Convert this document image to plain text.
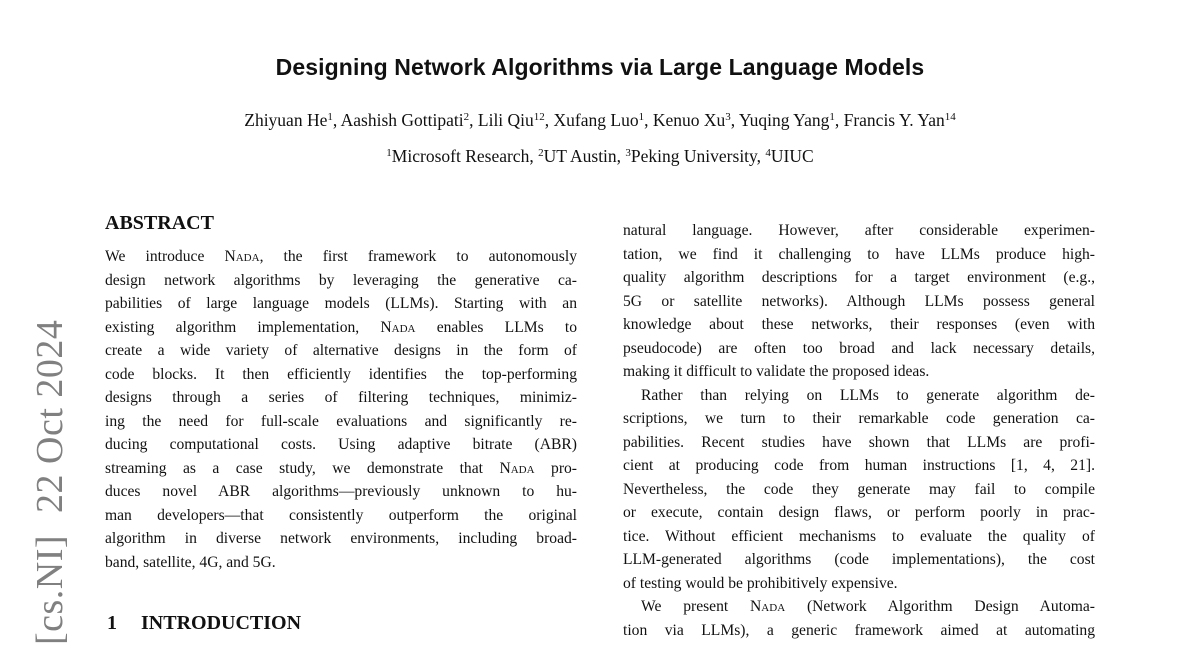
Designing Network Algorithms via Large Language Models
Zhiyuan He$^1$, Aashish Gottipati$^2$, Lili Qiu$^{12}$, Xufang Luo$^1$, Kenuo Xu$^3$, Yuqing Yang$^1$, Francis Y. Yan$^{14}$
$^1$Microsoft Research, $^2$UT Austin, $^3$Peking University, $^4$UIUC
[cs.NI]22 Oct 2024
ABSTRACT
We introduce Nada, the first framework to autonomously
design network algorithms by leveraging the generative ca-
pabilities of large language models (LLMs). Starting with an
existing algorithm implementation, Nada enables LLMs to
create a wide variety of alternative designs in the form of
code blocks. It then efficiently identifies the top-performing
designs through a series of filtering techniques, minimiz-
ing the need for full-scale evaluations and significantly re-
ducing computational costs. Using adaptive bitrate (ABR)
streaming as a case study, we demonstrate that Nada pro-
duces novel ABR algorithms—previously unknown to hu-
man developers—that consistently outperform the original
algorithm in diverse network environments, including broad-
band, satellite, 4G, and 5G.
1 INTRODUCTION
natural language. However, after considerable experimen-
tation, we find it challenging to have LLMs produce high-
quality algorithm descriptions for a target environment (e.g.,
5G or satellite networks). Although LLMs possess general
knowledge about these networks, their responses (even with
pseudocode) are often too broad and lack necessary details,
making it difficult to validate the proposed ideas.
Rather than relying on LLMs to generate algorithm de-
scriptions, we turn to their remarkable code generation ca-
pabilities. Recent studies have shown that LLMs are profi-
cient at producing code from human instructions [1, 4, 21].
Nevertheless, the code they generate may fail to compile
or execute, contain design flaws, or perform poorly in prac-
tice. Without efficient mechanisms to evaluate the quality of
LLM-generated algorithms (code implementations), the cost
of testing would be prohibitively expensive.
We present Nada (Network Algorithm Design Automa-
tion via LLMs), a generic framework aimed at automating
